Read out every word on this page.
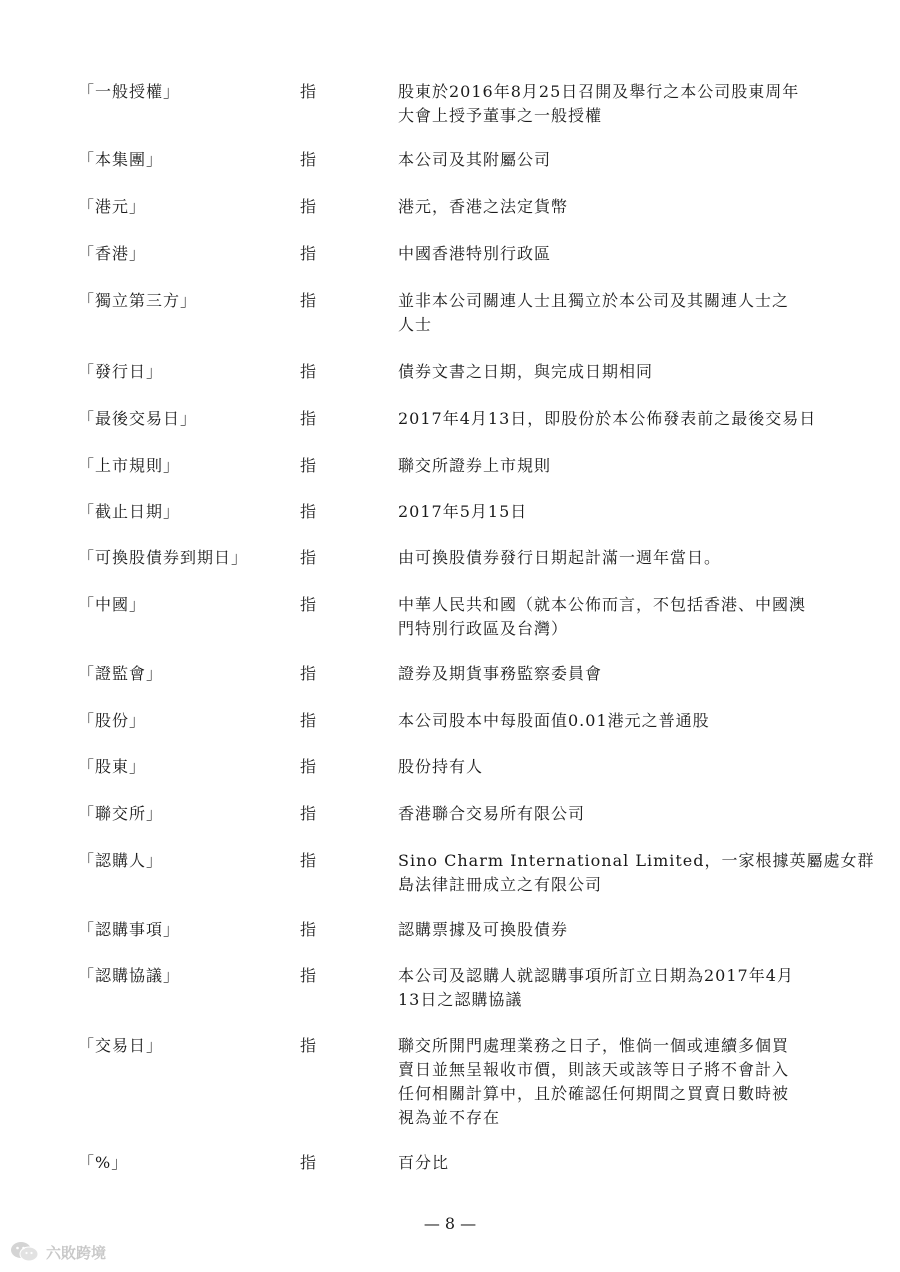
「一般授權」	指	股東於2016年8月25日召開及舉行之本公司股東周年
大會上授予董事之一般授權
「本集團」	指	本公司及其附屬公司
「港元」	指	港元，香港之法定貨幣
「香港」	指	中國香港特別行政區
「獨立第三方」	指	並非本公司關連人士且獨立於本公司及其關連人士之
人士
「發行日」	指	債券文書之日期，與完成日期相同
「最後交易日」	指	2017年4月13日，即股份於本公佈發表前之最後交易日
「上市規則」	指	聯交所證券上市規則
「截止日期」	指	2017年5月15日
「可換股債券到期日」	指	由可換股債券發行日期起計滿一週年當日。
「中國」	指	中華人民共和國（就本公佈而言，不包括香港、中國澳
門特別行政區及台灣）
「證監會」	指	證券及期貨事務監察委員會
「股份」	指	本公司股本中每股面值0.01港元之普通股
「股東」	指	股份持有人
「聯交所」	指	香港聯合交易所有限公司
「認購人」	指	Sino Charm International Limited，一家根據英屬處女群
島法律註冊成立之有限公司
「認購事項」	指	認購票據及可換股債券
「認購協議」	指	本公司及認購人就認購事項所訂立日期為2017年4月
13日之認購協議
「交易日」	指	聯交所開門處理業務之日子，惟倘一個或連續多個買
賣日並無呈報收市價，則該天或該等日子將不會計入
任何相關計算中，且於確認任何期間之買賣日數時被
視為並不存在
「%」	指	百分比
— 8 —
六敗跨境
